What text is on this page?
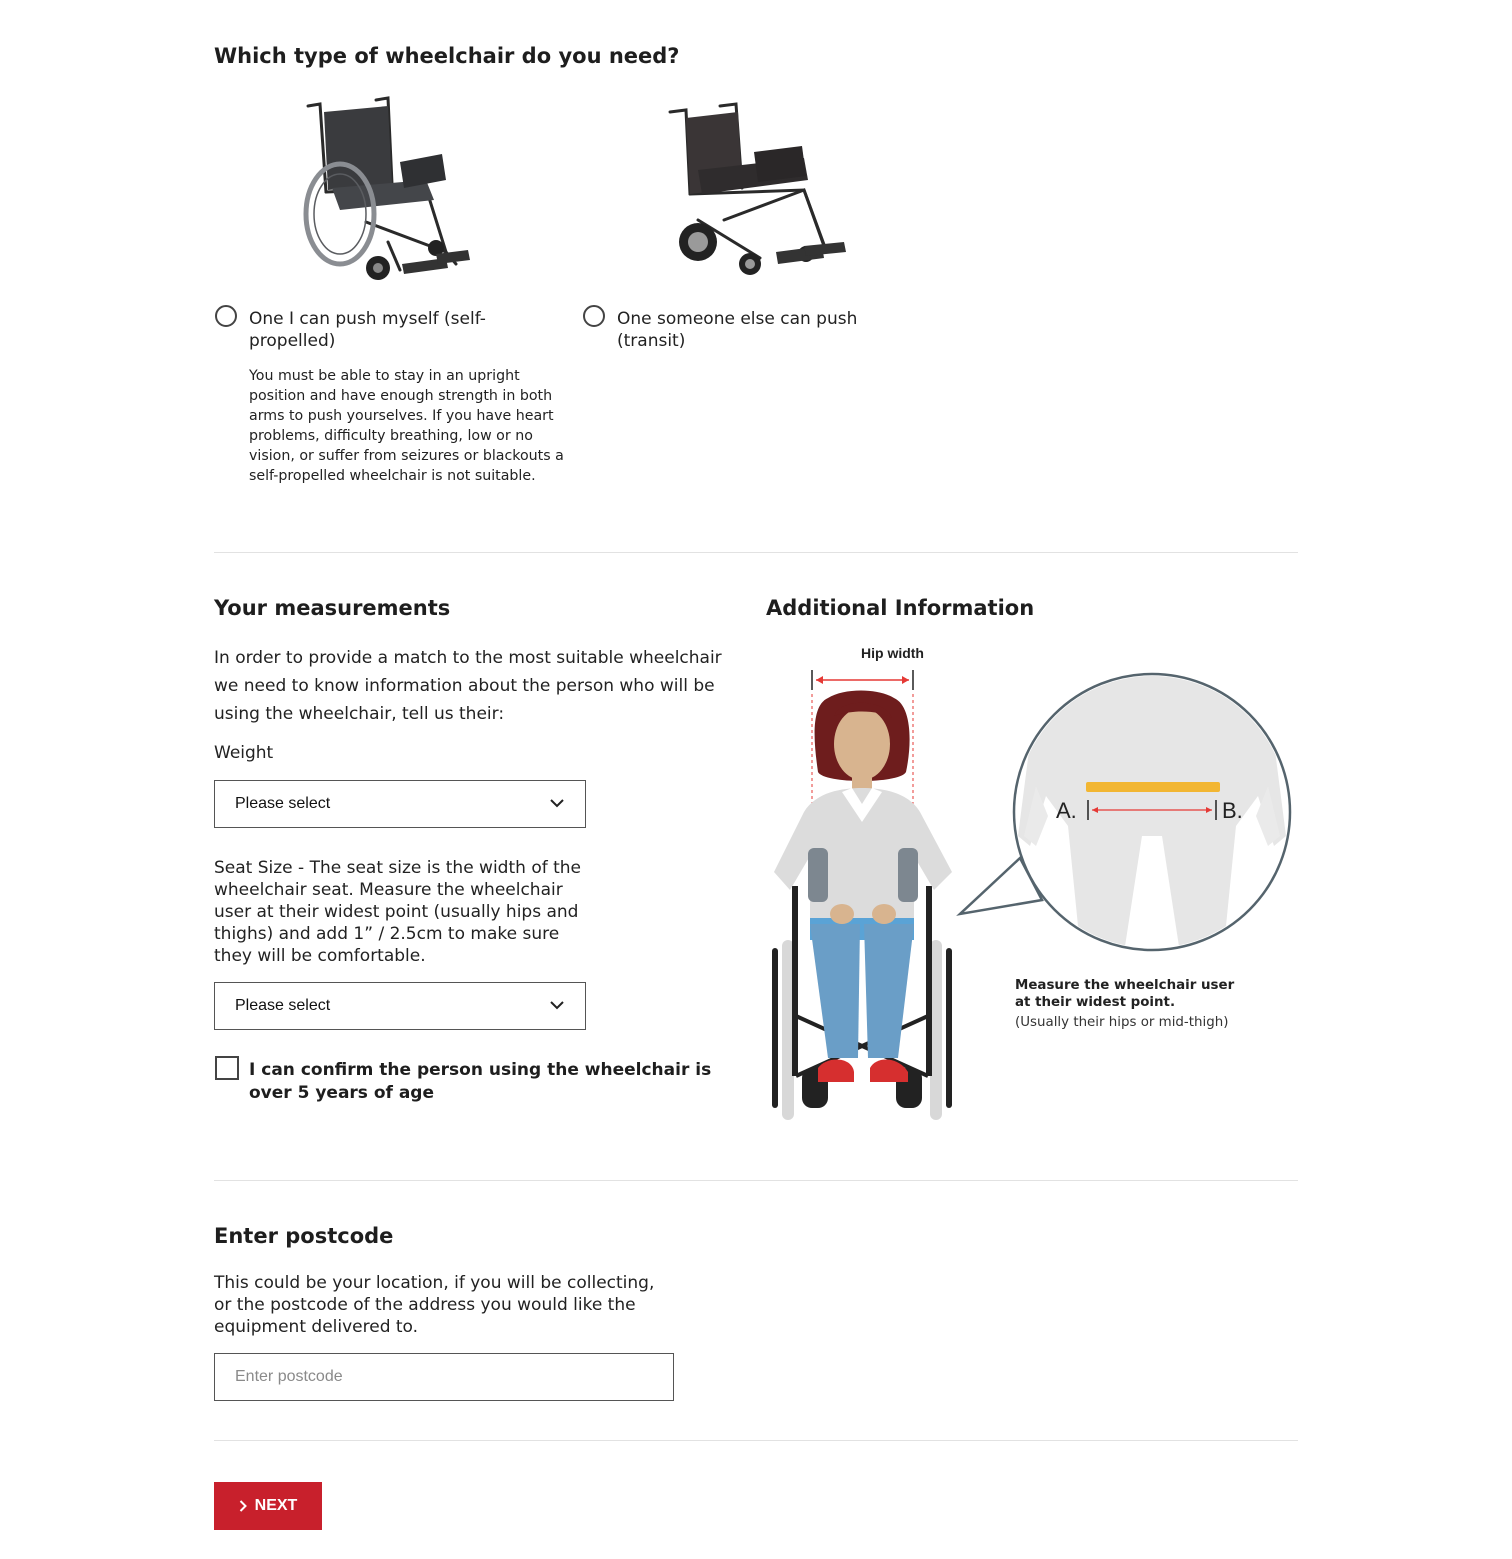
Which type of wheelchair do you need?
One I can push myself (self-propelled)
You must be able to stay in an upright position and have enough strength in both arms to push yourselves. If you have heart problems, difficulty breathing, low or no vision, or suffer from seizures or blackouts a self-propelled wheelchair is not suitable.
One someone else can push (transit)
Your measurements
In order to provide a match to the most suitable wheelchair we need to know information about the person who will be using the wheelchair, tell us their:
Weight
Please select
Seat Size - The seat size is the width of the wheelchair seat. Measure the wheelchair user at their widest point (usually hips and thighs) and add 1” / 2.5cm to make sure they will be comfortable.
Please select
I can confirm the person using the wheelchair is over 5 years of age
Additional Information
Hip width
A.	B.
Measure the wheelchair user at their widest point.
(Usually their hips or mid-thigh)
Enter postcode
This could be your location, if you will be collecting, or the postcode of the address you would like the equipment delivered to.
Enter postcode
NEXT
